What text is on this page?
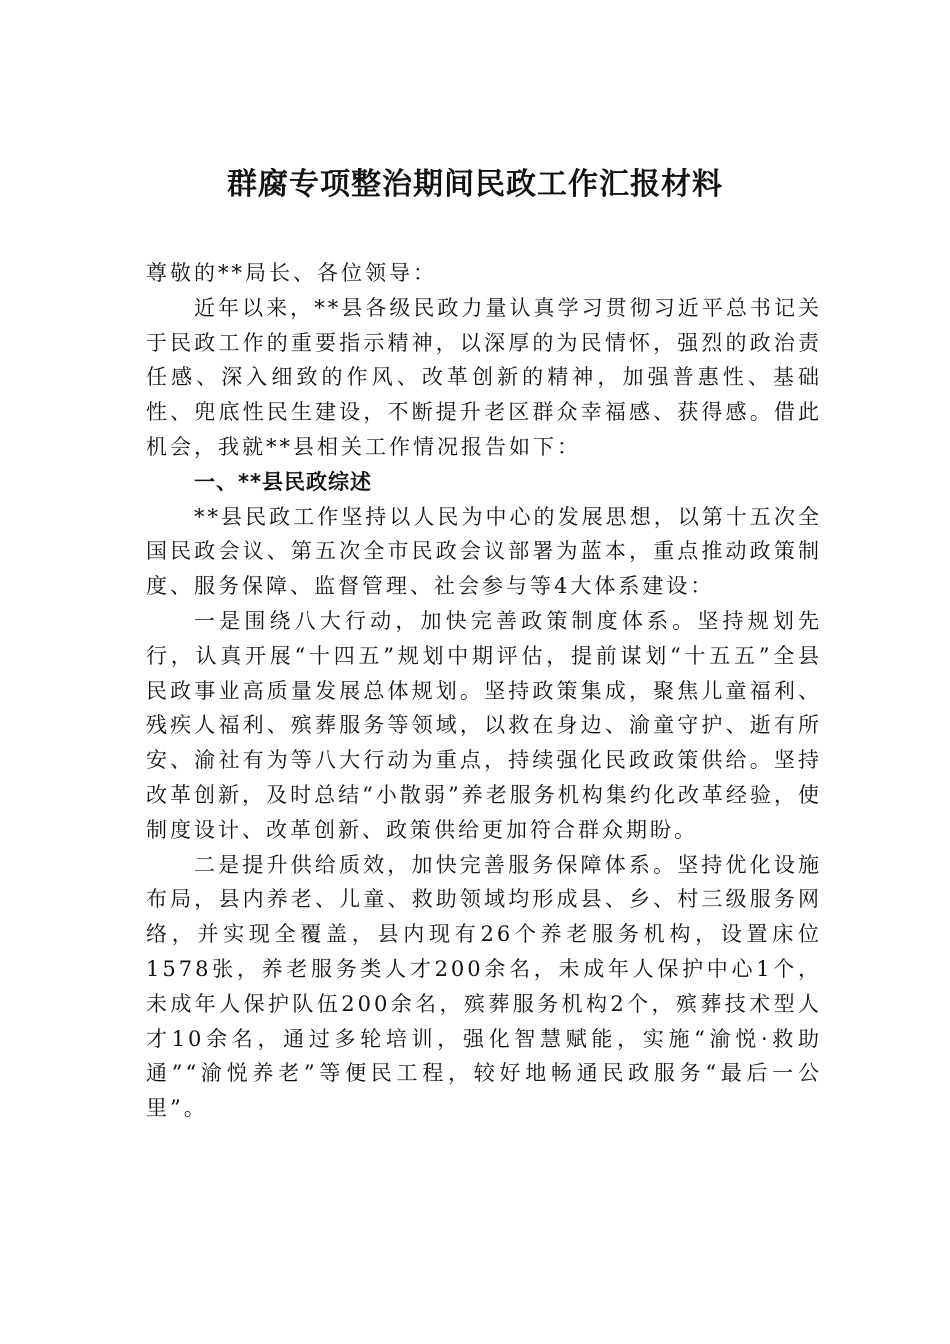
群腐专项整治期间民政工作汇报材料

尊敬的**局长、各位领导：

近年以来，**县各级民政力量认真学习贯彻习近平总书记关于民政工作的重要指示精神，以深厚的为民情怀，强烈的政治责任感、深入细致的作风、改革创新的精神，加强普惠性、基础性、兜底性民生建设，不断提升老区群众幸福感、获得感。借此机会，我就**县相关工作情况报告如下：

一、**县民政综述

**县民政工作坚持以人民为中心的发展思想，以第十五次全国民政会议、第五次全市民政会议部署为蓝本，重点推动政策制度、服务保障、监督管理、社会参与等4大体系建设：

一是围绕八大行动，加快完善政策制度体系。坚持规划先行，认真开展“十四五”规划中期评估，提前谋划“十五五”全县民政事业高质量发展总体规划。坚持政策集成，聚焦儿童福利、残疾人福利、殡葬服务等领域，以救在身边、渝童守护、逝有所安、渝社有为等八大行动为重点，持续强化民政政策供给。坚持改革创新，及时总结“小散弱”养老服务机构集约化改革经验，使制度设计、改革创新、政策供给更加符合群众期盼。

二是提升供给质效，加快完善服务保障体系。坚持优化设施布局，县内养老、儿童、救助领域均形成县、乡、村三级服务网络，并实现全覆盖，县内现有26个养老服务机构，设置床位1578张，养老服务类人才200余名，未成年人保护中心1个，未成年人保护队伍200余名，殡葬服务机构2个，殡葬技术型人才10余名，通过多轮培训，强化智慧赋能，实施“渝悦·救助通”“渝悦养老”等便民工程，较好地畅通民政服务“最后一公里”。
